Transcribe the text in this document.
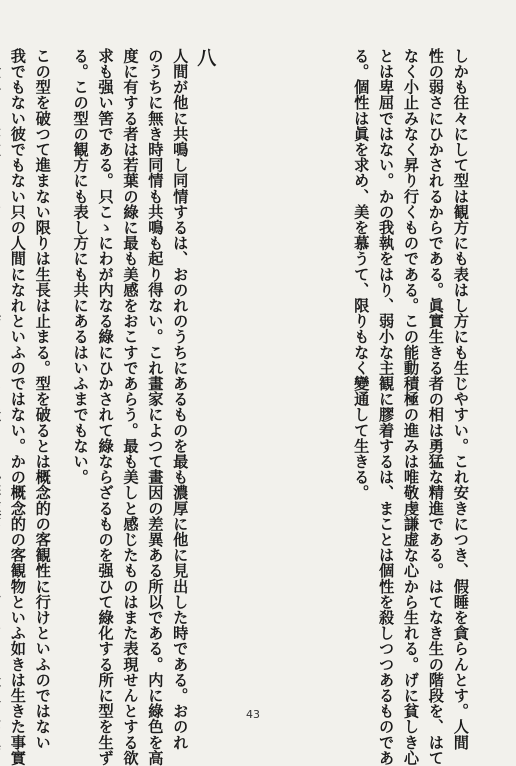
しかも往々にして型は観方にも表はし方にも生じやすい。これ安きにつき、假睡を貪らんとす。人間
性の弱さにひかされるからである。眞實生きる者の相は勇猛な精進である。はてなき生の階段を、はて
なく小止みなく昇り行くものである。この能動積極の進みは唯敬虔謙虚な心から生れる。げに貧しき心
とは卑屈ではない。かの我執をはり、弱小な主観に膠着するは、まことは個性を殺しつつあるものであ
る。個性は眞を求め、美を慕うて、限りもなく變通して生きる。
八
人間が他に共鳴し同情するは、おのれのうちにあるものを最も濃厚に他に見出した時である。おのれ
のうちに無き時同情も共鳴も起り得ない。これ畫家によつて畫因の差異ある所以である。内に綠色を高
度に有する者は若葉の綠に最も美感をおこすであらう。最も美しと感じたものはまた表現せんとする欲
求も强い筈である。只こゝにわが内なる綠にひかされて綠ならざるものを强ひて綠化する所に型を生ず
る。この型の観方にも表し方にも共にあるはいふまでもない。
この型を破つて進まない限りは生長は止まる。型を破るとは概念的の客観性に行けといふのではない
我でもない彼でもない只の人間になれといふのではない。かの概念的の客観物といふ如きは生きた事實	43
